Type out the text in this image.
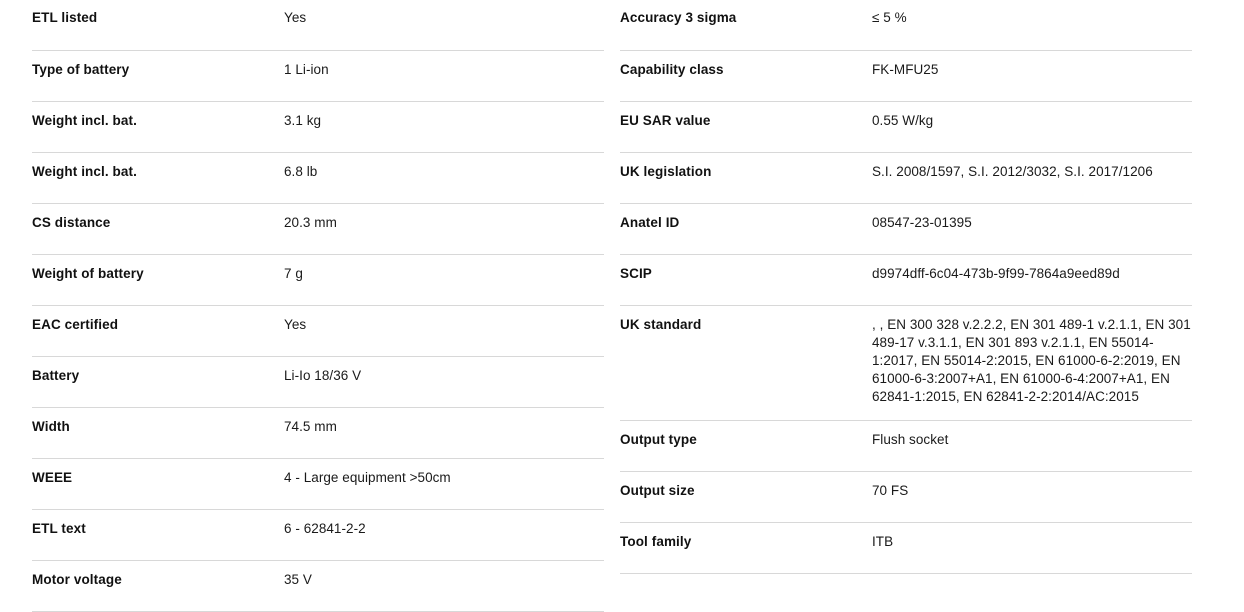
ETL listed	Yes
Type of battery	1 Li-ion
Weight incl. bat.	3.1 kg
Weight incl. bat.	6.8 lb
CS distance	20.3 mm
Weight of battery	7 g
EAC certified	Yes
Battery	Li-Io 18/36 V
Width	74.5 mm
WEEE	4 - Large equipment >50cm
ETL text	6 - 62841-2-2
Motor voltage	35 V
Accuracy 3 sigma	≤ 5 %
Capability class	FK-MFU25
EU SAR value	0.55 W/kg
UK legislation	S.I. 2008/1597, S.I. 2012/3032, S.I. 2017/1206
Anatel ID	08547-23-01395
SCIP	d9974dff-6c04-473b-9f99-7864a9eed89d
UK standard	, , EN 300 328 v.2.2.2, EN 301 489-1 v.2.1.1, EN 301 489-17 v.3.1.1, EN 301 893 v.2.1.1, EN 55014-1:2017, EN 55014-2:2015, EN 61000-6-2:2019, EN 61000-6-3:2007+A1, EN 61000-6-4:2007+A1, EN 62841-1:2015, EN 62841-2-2:2014/AC:2015
Output type	Flush socket
Output size	70 FS
Tool family	ITB
